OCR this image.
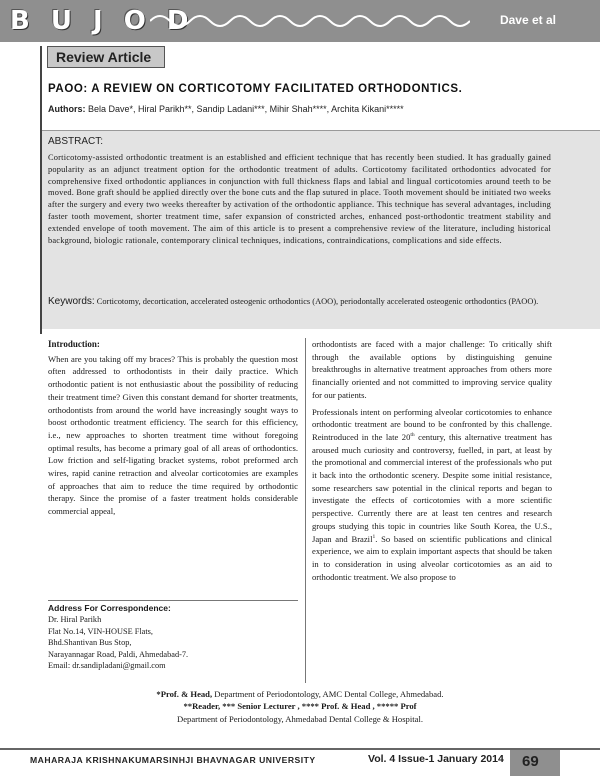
B U J O D	Dave et al
Review Article
PAOO: A REVIEW ON CORTICOTOMY FACILITATED ORTHODONTICS.
Authors: Bela Dave*, Hiral Parikh**, Sandip Ladani***, Mihir Shah****, Archita Kikani*****
ABSTRACT:
Corticotomy-assisted orthodontic treatment is an established and efficient technique that has recently been studied. It has gradually gained popularity as an adjunct treatment option for the orthodontic treatment of adults. Corticotomy facilitated orthodontics advocated for comprehensive fixed orthodontic appliances in conjunction with full thickness flaps and labial and lingual corticotomies around teeth to be moved. Bone graft should be applied directly over the bone cuts and the flap sutured in place. Tooth movement should be initiated two weeks after the surgery and every two weeks thereafter by activation of the orthodontic appliance. This technique has several advantages, including faster tooth movement, shorter treatment time, safer expansion of constricted arches, enhanced post-orthodontic treatment stability and extended envelope of tooth movement. The aim of this article is to present a comprehensive review of the literature, including historical background, biologic rationale, contemporary clinical techniques, indications, contraindications, complications and side effects.
Keywords: Corticotomy, decortication, accelerated osteogenic orthodontics (AOO), periodontally accelerated osteogenic orthodontics (PAOO).
Introduction:

When are you taking off my braces? This is probably the question most often addressed to orthodontists in their daily practice. Which orthodontic patient is not enthusiastic about the possibility of reducing their treatment time? Given this constant demand for shorter treatments, orthodontists from around the world have increasingly sought ways to boost orthodontic treatment efficiency. The search for this efficiency, i.e., new approaches to shorten treatment time without foregoing optimal results, has become a primary goal of all areas of orthodontics. Low friction and self-ligating bracket systems, robot preformed arch wires, rapid canine retraction and alveolar corticotomies are examples of approaches that aim to reduce the time required by orthodontic therapy. Since the promise of a faster treatment holds considerable commercial appeal,

orthodontists are faced with a major challenge: To critically shift through the available options by distinguishing genuine breakthroughs in alternative treatment approaches from others more financially oriented and not committed to improving service quality for our patients.

Professionals intent on performing alveolar corticotomies to enhance orthodontic treatment are bound to be confronted by this challenge. Reintroduced in the late 20th century, this alternative treatment has aroused much curiosity and controversy, fuelled, in part, at least by the promotional and commercial interest of the professionals who put it back into the orthodontic scenery. Despite some initial resistance, some researchers saw potential in the clinical reports and began to investigate the effects of corticotomies with a more scientific perspective. Currently there are at least ten centres and research groups studying this topic in countries like South Korea, the U.S., Japan and Brazil$^1$. So based on scientific publications and clinical experience, we aim to explain important aspects that should be taken in to consideration in using alveolar corticotomies as an aid to orthodontic treatment. We also propose to

Address For Correspondence:
Dr. Hiral Parikh
Flat No.14, VIN-HOUSE Flats,
Bhd.Shantivan Bus Stop,
Narayannagar Road, Paldi, Ahmedabad-7.
Email: dr.sandipladani@gmail.com
*Prof. & Head, Department of Periodontology, AMC Dental College, Ahmedabad.
**Reader, *** Senior Lecturer , **** Prof. & Head , ***** Prof
Department of Periodontology, Ahmedabad Dental College & Hospital.
MAHARAJA KRISHNAKUMARSINHJI BHAVNAGAR UNIVERSITY	Vol. 4 Issue-1 January 2014 69
